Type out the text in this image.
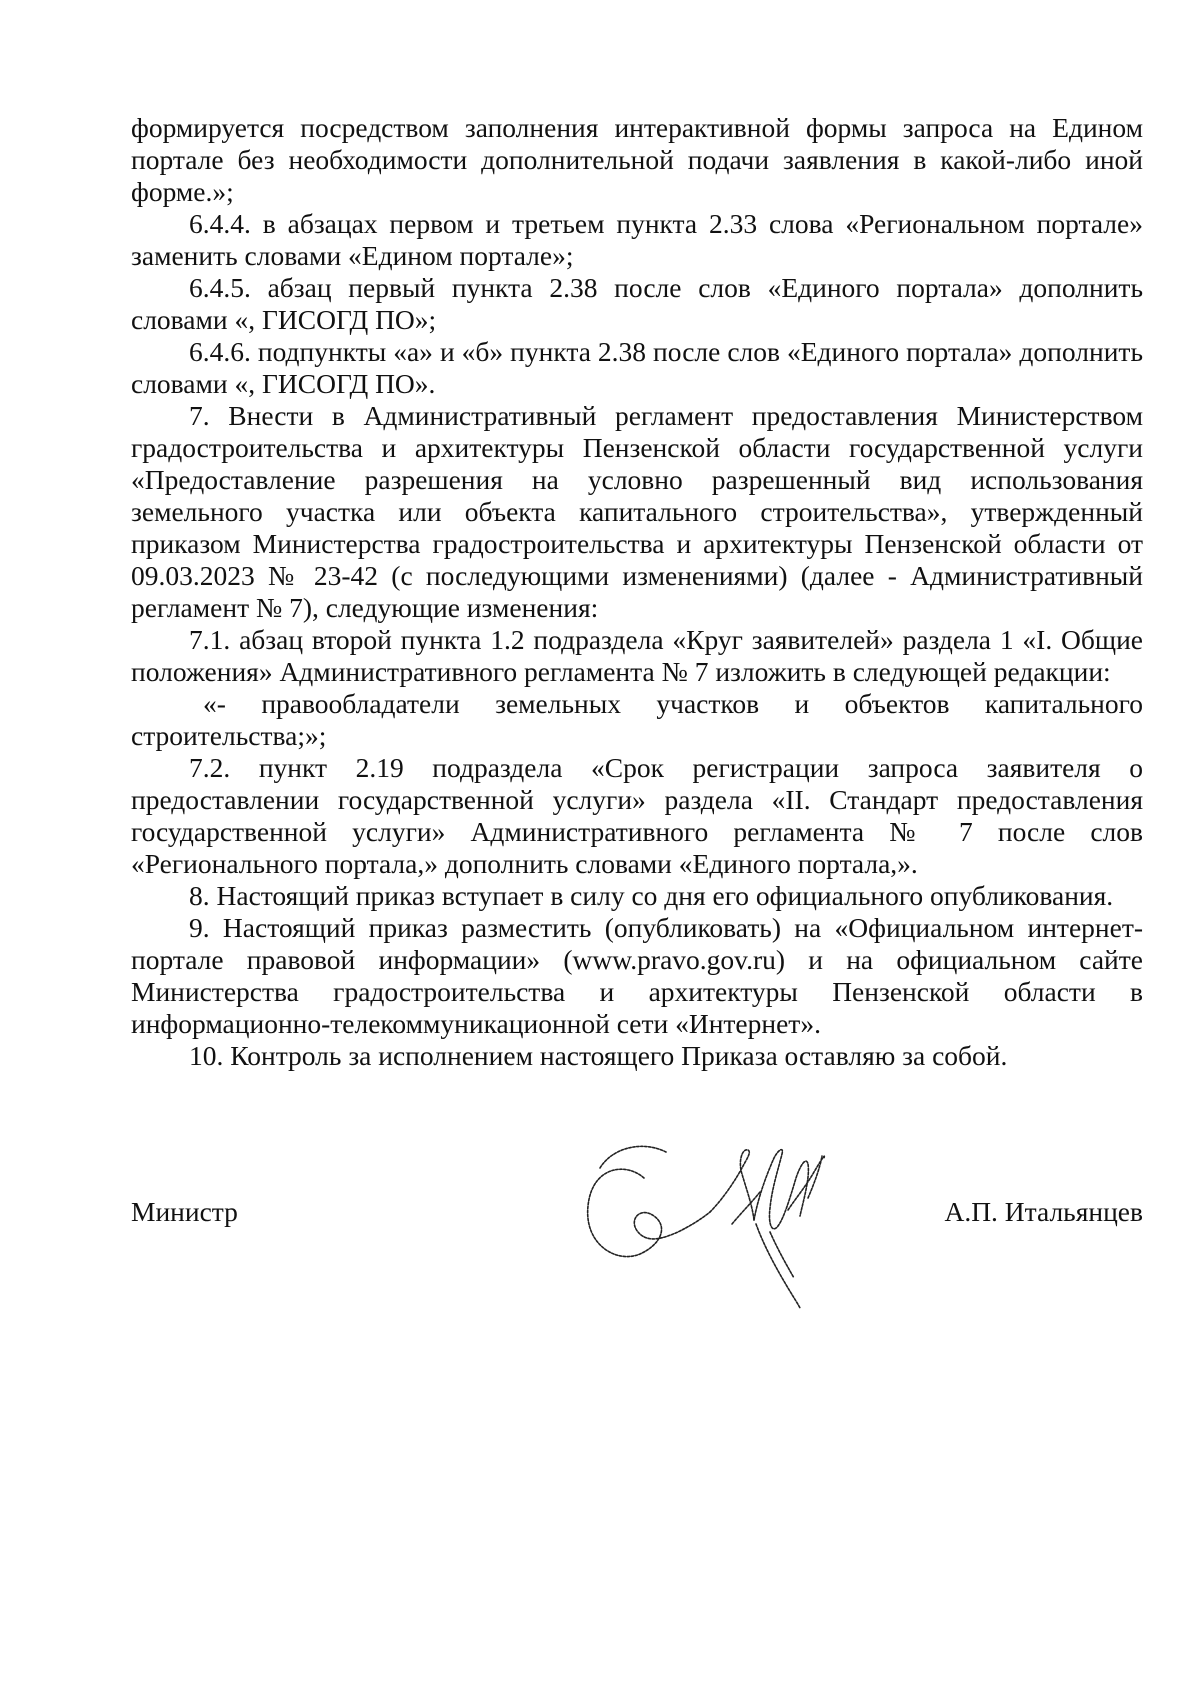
формируется посредством заполнения интерактивной формы запроса на Едином портале без необходимости дополнительной подачи заявления в какой-либо иной форме.»;

6.4.4. в абзацах первом и третьем пункта 2.33 слова «Региональном портале» заменить словами «Едином портале»;

6.4.5. абзац первый пункта 2.38 после слов «Единого портала» дополнить словами «, ГИСОГД ПО»;

6.4.6. подпункты «а» и «б» пункта 2.38 после слов «Единого портала» дополнить словами «, ГИСОГД ПО».

7. Внести в Административный регламент предоставления Министерством градостроительства и архитектуры Пензенской области государственной услуги «Предоставление разрешения на условно разрешенный вид использования земельного участка или объекта капитального строительства», утвержденный приказом Министерства градостроительства и архитектуры Пензенской области от 09.03.2023 № 23-42 (с последующими изменениями) (далее - Административный регламент № 7), следующие изменения:

7.1. абзац второй пункта 1.2 подраздела «Круг заявителей» раздела 1 «I. Общие положения» Административного регламента № 7 изложить в следующей редакции:

«- правообладатели земельных участков и объектов капитального строительства;»;

7.2. пункт 2.19 подраздела «Срок регистрации запроса заявителя о предоставлении государственной услуги» раздела «II. Стандарт предоставления государственной услуги» Административного регламента № 7 после слов «Регионального портала,» дополнить словами «Единого портала,».

8. Настоящий приказ вступает в силу со дня его официального опубликования.

9. Настоящий приказ разместить (опубликовать) на «Официальном интернет-портале правовой информации» (www.pravo.gov.ru) и на официальном сайте Министерства градостроительства и архитектуры Пензенской области в информационно-телекоммуникационной сети «Интернет».

10. Контроль за исполнением настоящего Приказа оставляю за собой.

Министр	А.П. Итальянцев
